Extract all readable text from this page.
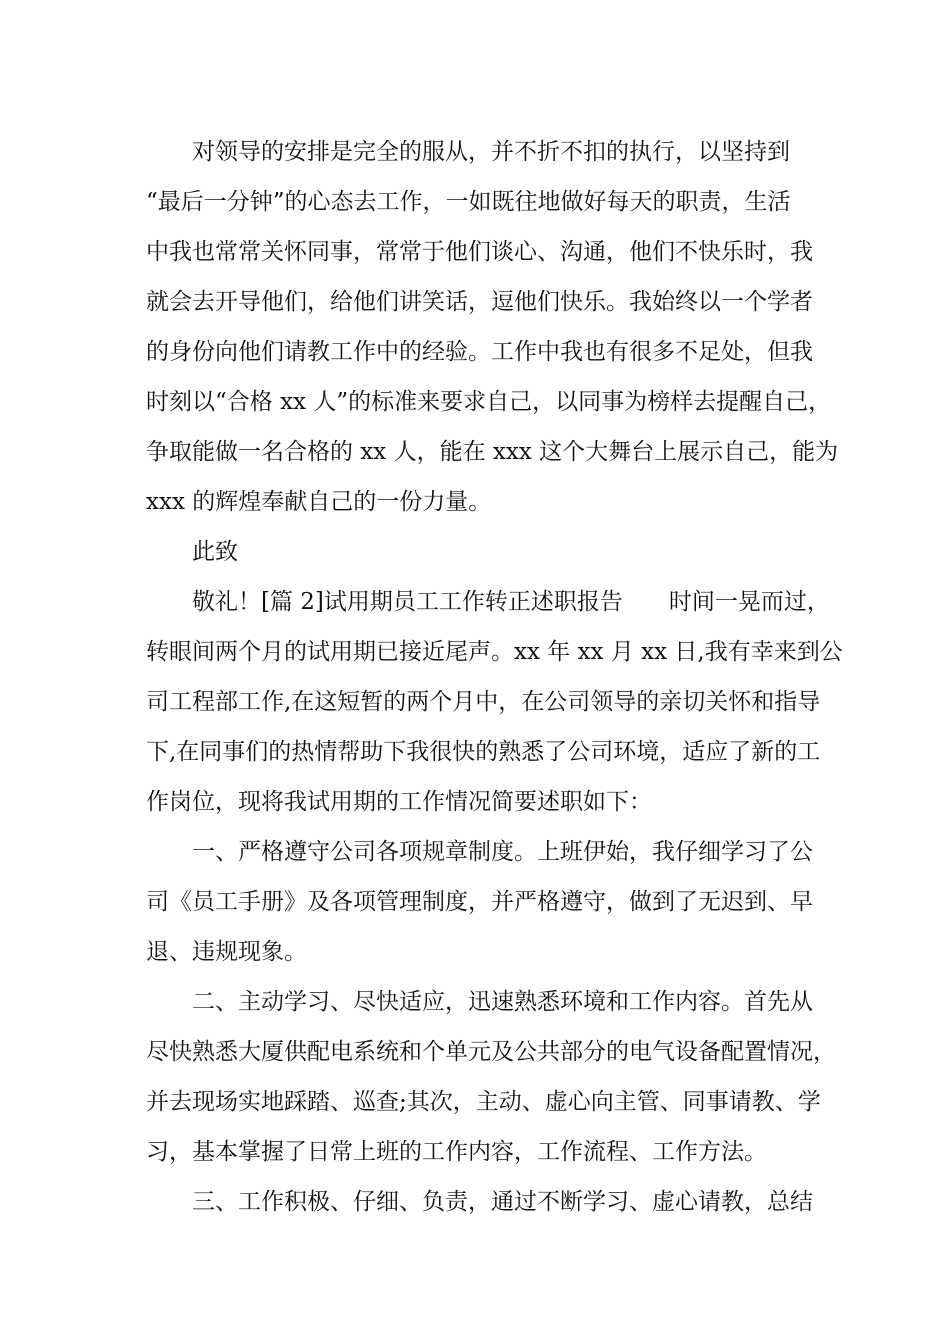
对领导的安排是完全的服从，并不折不扣的执行，以坚持到
“最后一分钟”的心态去工作，一如既往地做好每天的职责，生活
中我也常常关怀同事，常常于他们谈心、沟通，他们不快乐时，我
就会去开导他们，给他们讲笑话，逗他们快乐。我始终以一个学者
的身份向他们请教工作中的经验。工作中我也有很多不足处，但我
时刻以“合格 xx 人”的标准来要求自己，以同事为榜样去提醒自己，
争取能做一名合格的 xx 人，能在 xxx 这个大舞台上展示自己，能为
xxx 的辉煌奉献自己的一份力量。
此致
敬礼！[篇 2]试用期员工工作转正述职报告　　时间一晃而过，
转眼间两个月的试用期已接近尾声。xx 年 xx 月 xx 日,我有幸来到公
司工程部工作,在这短暂的两个月中，在公司领导的亲切关怀和指导
下,在同事们的热情帮助下我很快的熟悉了公司环境，适应了新的工
作岗位，现将我试用期的工作情况简要述职如下：
一、严格遵守公司各项规章制度。上班伊始，我仔细学习了公
司《员工手册》及各项管理制度，并严格遵守，做到了无迟到、早
退、违规现象。
二、主动学习、尽快适应，迅速熟悉环境和工作内容。首先从
尽快熟悉大厦供配电系统和个单元及公共部分的电气设备配置情况，
并去现场实地踩踏、巡查;其次，主动、虚心向主管、同事请教、学
习，基本掌握了日常上班的工作内容，工作流程、工作方法。
三、工作积极、仔细、负责，通过不断学习、虚心请教，总结
